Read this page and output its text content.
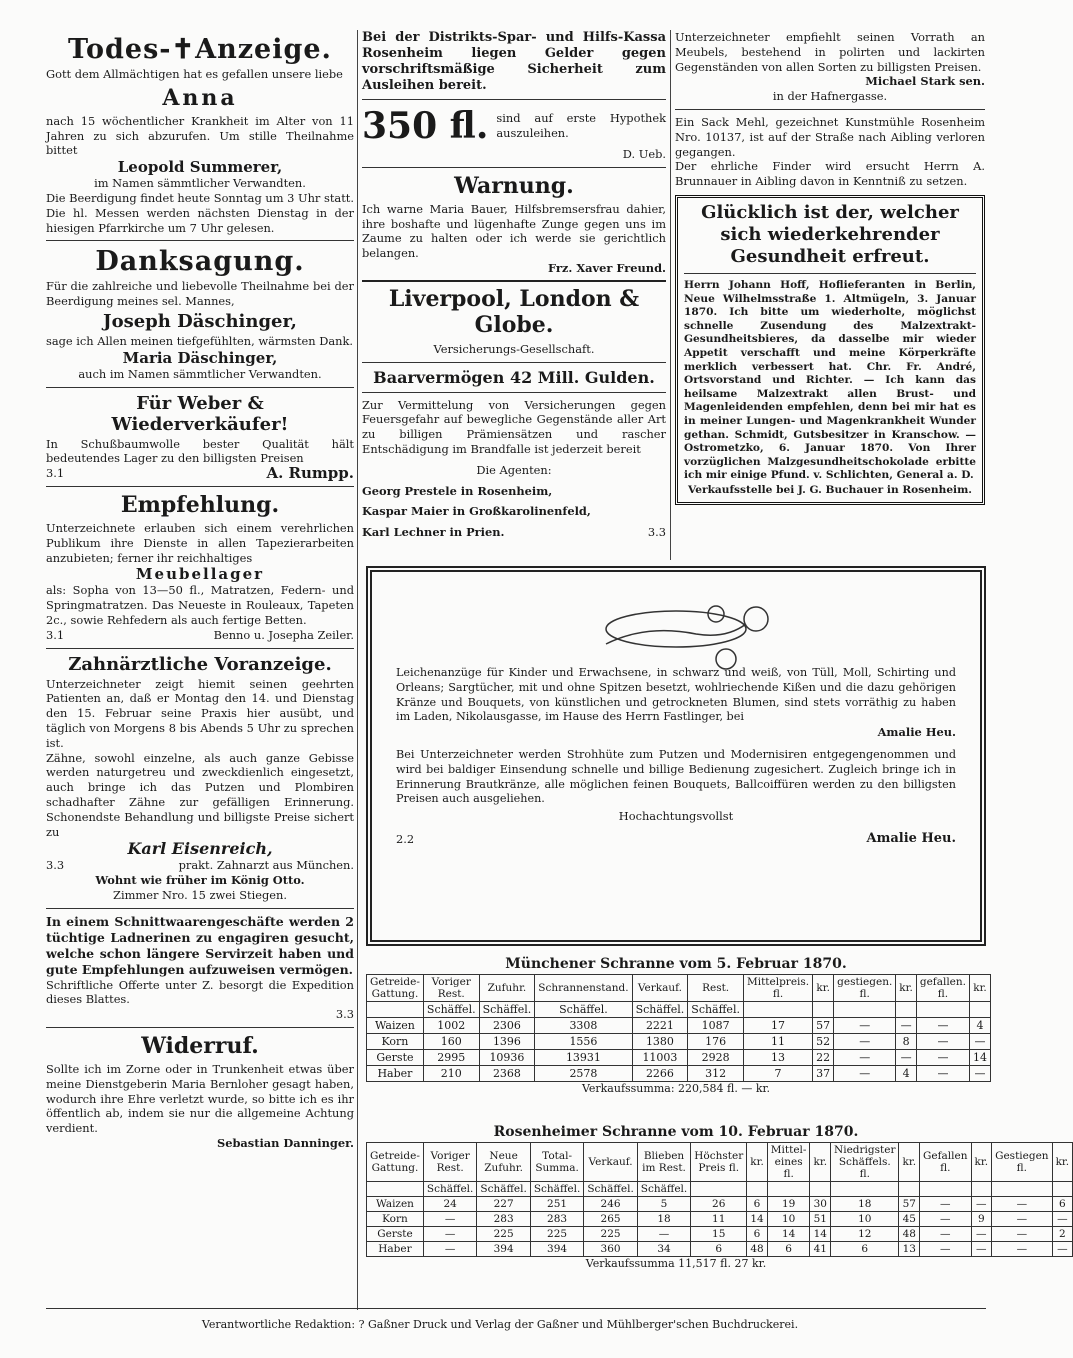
Todes-✝Anzeige.
Gott dem Allmächtigen hat es gefallen unsere liebe
Anna
nach 15 wöchentlicher Krankheit im Alter von 11 Jahren zu sich abzurufen. Um stille Theilnahme bittet
Leopold Summerer,
im Namen sämmtlicher Verwandten.
Die Beerdigung findet heute Sonntag um 3 Uhr statt. Die hl. Messen werden nächsten Dienstag in der hiesigen Pfarrkirche um 7 Uhr gelesen.
Danksagung.
Für die zahlreiche und liebevolle Theilnahme bei der Beerdigung meines sel. Mannes,
Joseph Däschinger,
sage ich Allen meinen tiefgefühlten, wärmsten Dank.
Maria Däschinger,
auch im Namen sämmtlicher Verwandten.
Für Weber & Wiederverkäufer!
In Schußbaumwolle bester Qualität hält bedeutendes Lager zu den billigsten Preisen
3.1	A. Rumpp.
Empfehlung.
Unterzeichnete erlauben sich einem verehrlichen Publikum ihre Dienste in allen Tapezierarbeiten anzubieten; ferner ihr reichhaltiges
Meubellager
als: Sopha von 13—50 fl., Matratzen, Federn- und Springmatratzen. Das Neueste in Rouleaux, Tapeten 2c., sowie Rehfedern als auch fertige Betten.
3.1	Benno u. Josepha Zeiler.
Zahnärztliche Voranzeige.
Unterzeichneter zeigt hiemit seinen geehrten Patienten an, daß er Montag den 14. und Dienstag den 15. Februar seine Praxis hier ausübt, und täglich von Morgens 8 bis Abends 5 Uhr zu sprechen ist.
Zähne, sowohl einzelne, als auch ganze Gebisse werden naturgetreu und zweckdienlich eingesetzt, auch bringe ich das Putzen und Plombiren schadhafter Zähne zur gefälligen Erinnerung. Schonendste Behandlung und billigste Preise sichert zu
Karl Eisenreich,
3.3	prakt. Zahnarzt aus München.
Wohnt wie früher im König Otto.
Zimmer Nro. 15 zwei Stiegen.
In einem Schnittwaarengeschäfte werden 2 tüchtige Ladnerinen zu engagiren gesucht, welche schon längere Servirzeit haben und gute Empfehlungen aufzuweisen vermögen.
Schriftliche Offerte unter Z. besorgt die Expedition dieses Blattes.
3.3
Widerruf.
Sollte ich im Zorne oder in Trunkenheit etwas über meine Dienstgeberin Maria Bernloher gesagt haben, wodurch ihre Ehre verletzt wurde, so bitte ich es ihr öffentlich ab, indem sie nur die allgemeine Achtung verdient.
Sebastian Danninger.
Bei der Distrikts-Spar- und Hilfs-Kassa Rosenheim liegen Gelder gegen vorschriftsmäßige Sicherheit zum Ausleihen bereit.
350 fl. sind auf erste Hypothek auszuleihen.
D. Ueb.
Warnung.
Ich warne Maria Bauer, Hilfsbremsersfrau dahier, ihre boshafte und lügenhafte Zunge gegen uns im Zaume zu halten oder ich werde sie gerichtlich belangen.
Frz. Xaver Freund.
Liverpool, London & Globe.
Versicherungs-Gesellschaft.
Baarvermögen 42 Mill. Gulden.
Zur Vermittelung von Versicherungen gegen Feuersgefahr auf bewegliche Gegenstände aller Art zu billigen Prämiensätzen und rascher Entschädigung im Brandfalle ist jederzeit bereit
Die Agenten:
Georg Prestele in Rosenheim,
Kaspar Maier in Großkarolinenfeld,
Karl Lechner in Prien.	3.3
Unterzeichneter empfiehlt seinen Vorrath an Meubels, bestehend in polirten und lackirten Gegenständen von allen Sorten zu billigsten Preisen.
Michael Stark sen.
in der Hafnergasse.
Ein Sack Mehl, gezeichnet Kunstmühle Rosenheim Nro. 10137, ist auf der Straße nach Aibling verloren gegangen.
Der ehrliche Finder wird ersucht Herrn A. Brunnauer in Aibling davon in Kenntniß zu setzen.
Glücklich ist der, welcher sich wiederkehrender Gesundheit erfreut.
Herrn Johann Hoff, Hoflieferanten in Berlin, Neue Wilhelmsstraße 1. Altmügeln, 3. Januar 1870. Ich bitte um wiederholte, möglichst schnelle Zusendung des Malzextrakt-Gesundheitsbieres, da dasselbe mir wieder Appetit verschafft und meine Körperkräfte merklich verbessert hat. Chr. Fr. André, Ortsvorstand und Richter. — Ich kann das heilsame Malzextrakt allen Brust- und Magenleidenden empfehlen, denn bei mir hat es in meiner Lungen- und Magenkrankheit Wunder gethan. Schmidt, Gutsbesitzer in Kranschow. — Ostrometzko, 6. Januar 1870. Von Ihrer vorzüglichen Malzgesundheitschokolade erbitte ich mir einige Pfund. v. Schlichten, General a. D.
Verkaufsstelle bei J. G. Buchauer in Rosenheim.
Leichenanzüge für Kinder und Erwachsene, in schwarz und weiß, von Tüll, Moll, Schirting und Orleans; Sargtücher, mit und ohne Spitzen besetzt, wohlriechende Kißen und die dazu gehörigen Kränze und Bouquets, von künstlichen und getrockneten Blumen, sind stets vorräthig zu haben im Laden, Nikolausgasse, im Hause des Herrn Fastlinger, bei
Amalie Heu.
Bei Unterzeichneter werden Strohhüte zum Putzen und Modernisiren entgegengenommen und wird bei baldiger Einsendung schnelle und billige Bedienung zugesichert. Zugleich bringe ich in Erinnerung Brautkränze, alle möglichen feinen Bouquets, Ballcoiffüren werden zu den billigsten Preisen auch ausgeliehen.
Hochachtungsvollst
2.2	Amalie Heu.
Münchener Schranne vom 5. Februar 1870.
Getreide-Gattung.	Voriger Rest.	Zufuhr.	Schrannenstand.	Verkauf.	Rest.	Mittelpreis. fl.	kr.	gestiegen. fl.	kr.	gefallen. fl.	kr.
	Schäffel.	Schäffel.	Schäffel.	Schäffel.	Schäffel.						
Waizen	1002	2306	3308	2221	1087	17	57	—	—	—	4
Korn	160	1396	1556	1380	176	11	52	—	8	—	—
Gerste	2995	10936	13931	11003	2928	13	22	—	—	—	14
Haber	210	2368	2578	2266	312	7	37	—	4	—	—
Verkaufssumma: 220,584 fl. — kr.
Rosenheimer Schranne vom 10. Februar 1870.
Getreide-Gattung.	Voriger Rest.	Neue Zufuhr.	Total-Summa.	Verkauf.	Blieben im Rest.	Höchster Preis fl.	kr.	Mittel- eines fl.	kr.	Niedrigster Schäffels. fl.	kr.	Gefallen fl.	kr.	Gestiegen fl.	kr.
	Schäffel.	Schäffel.	Schäffel.	Schäffel.	Schäffel.										
Waizen	24	227	251	246	5	26	6	19	30	18	57	—	—	—	6
Korn	—	283	283	265	18	11	14	10	51	10	45	—	9	—	—
Gerste	—	225	225	225	—	15	6	14	14	12	48	—	—	—	2
Haber	—	394	394	360	34	6	48	6	41	6	13	—	—	—	—
Verkaufssumma 11,517 fl. 27 kr.
Verantwortliche Redaktion: ? Gaßner Druck und Verlag der Gaßner und Mühlberger'schen Buchdruckerei.
